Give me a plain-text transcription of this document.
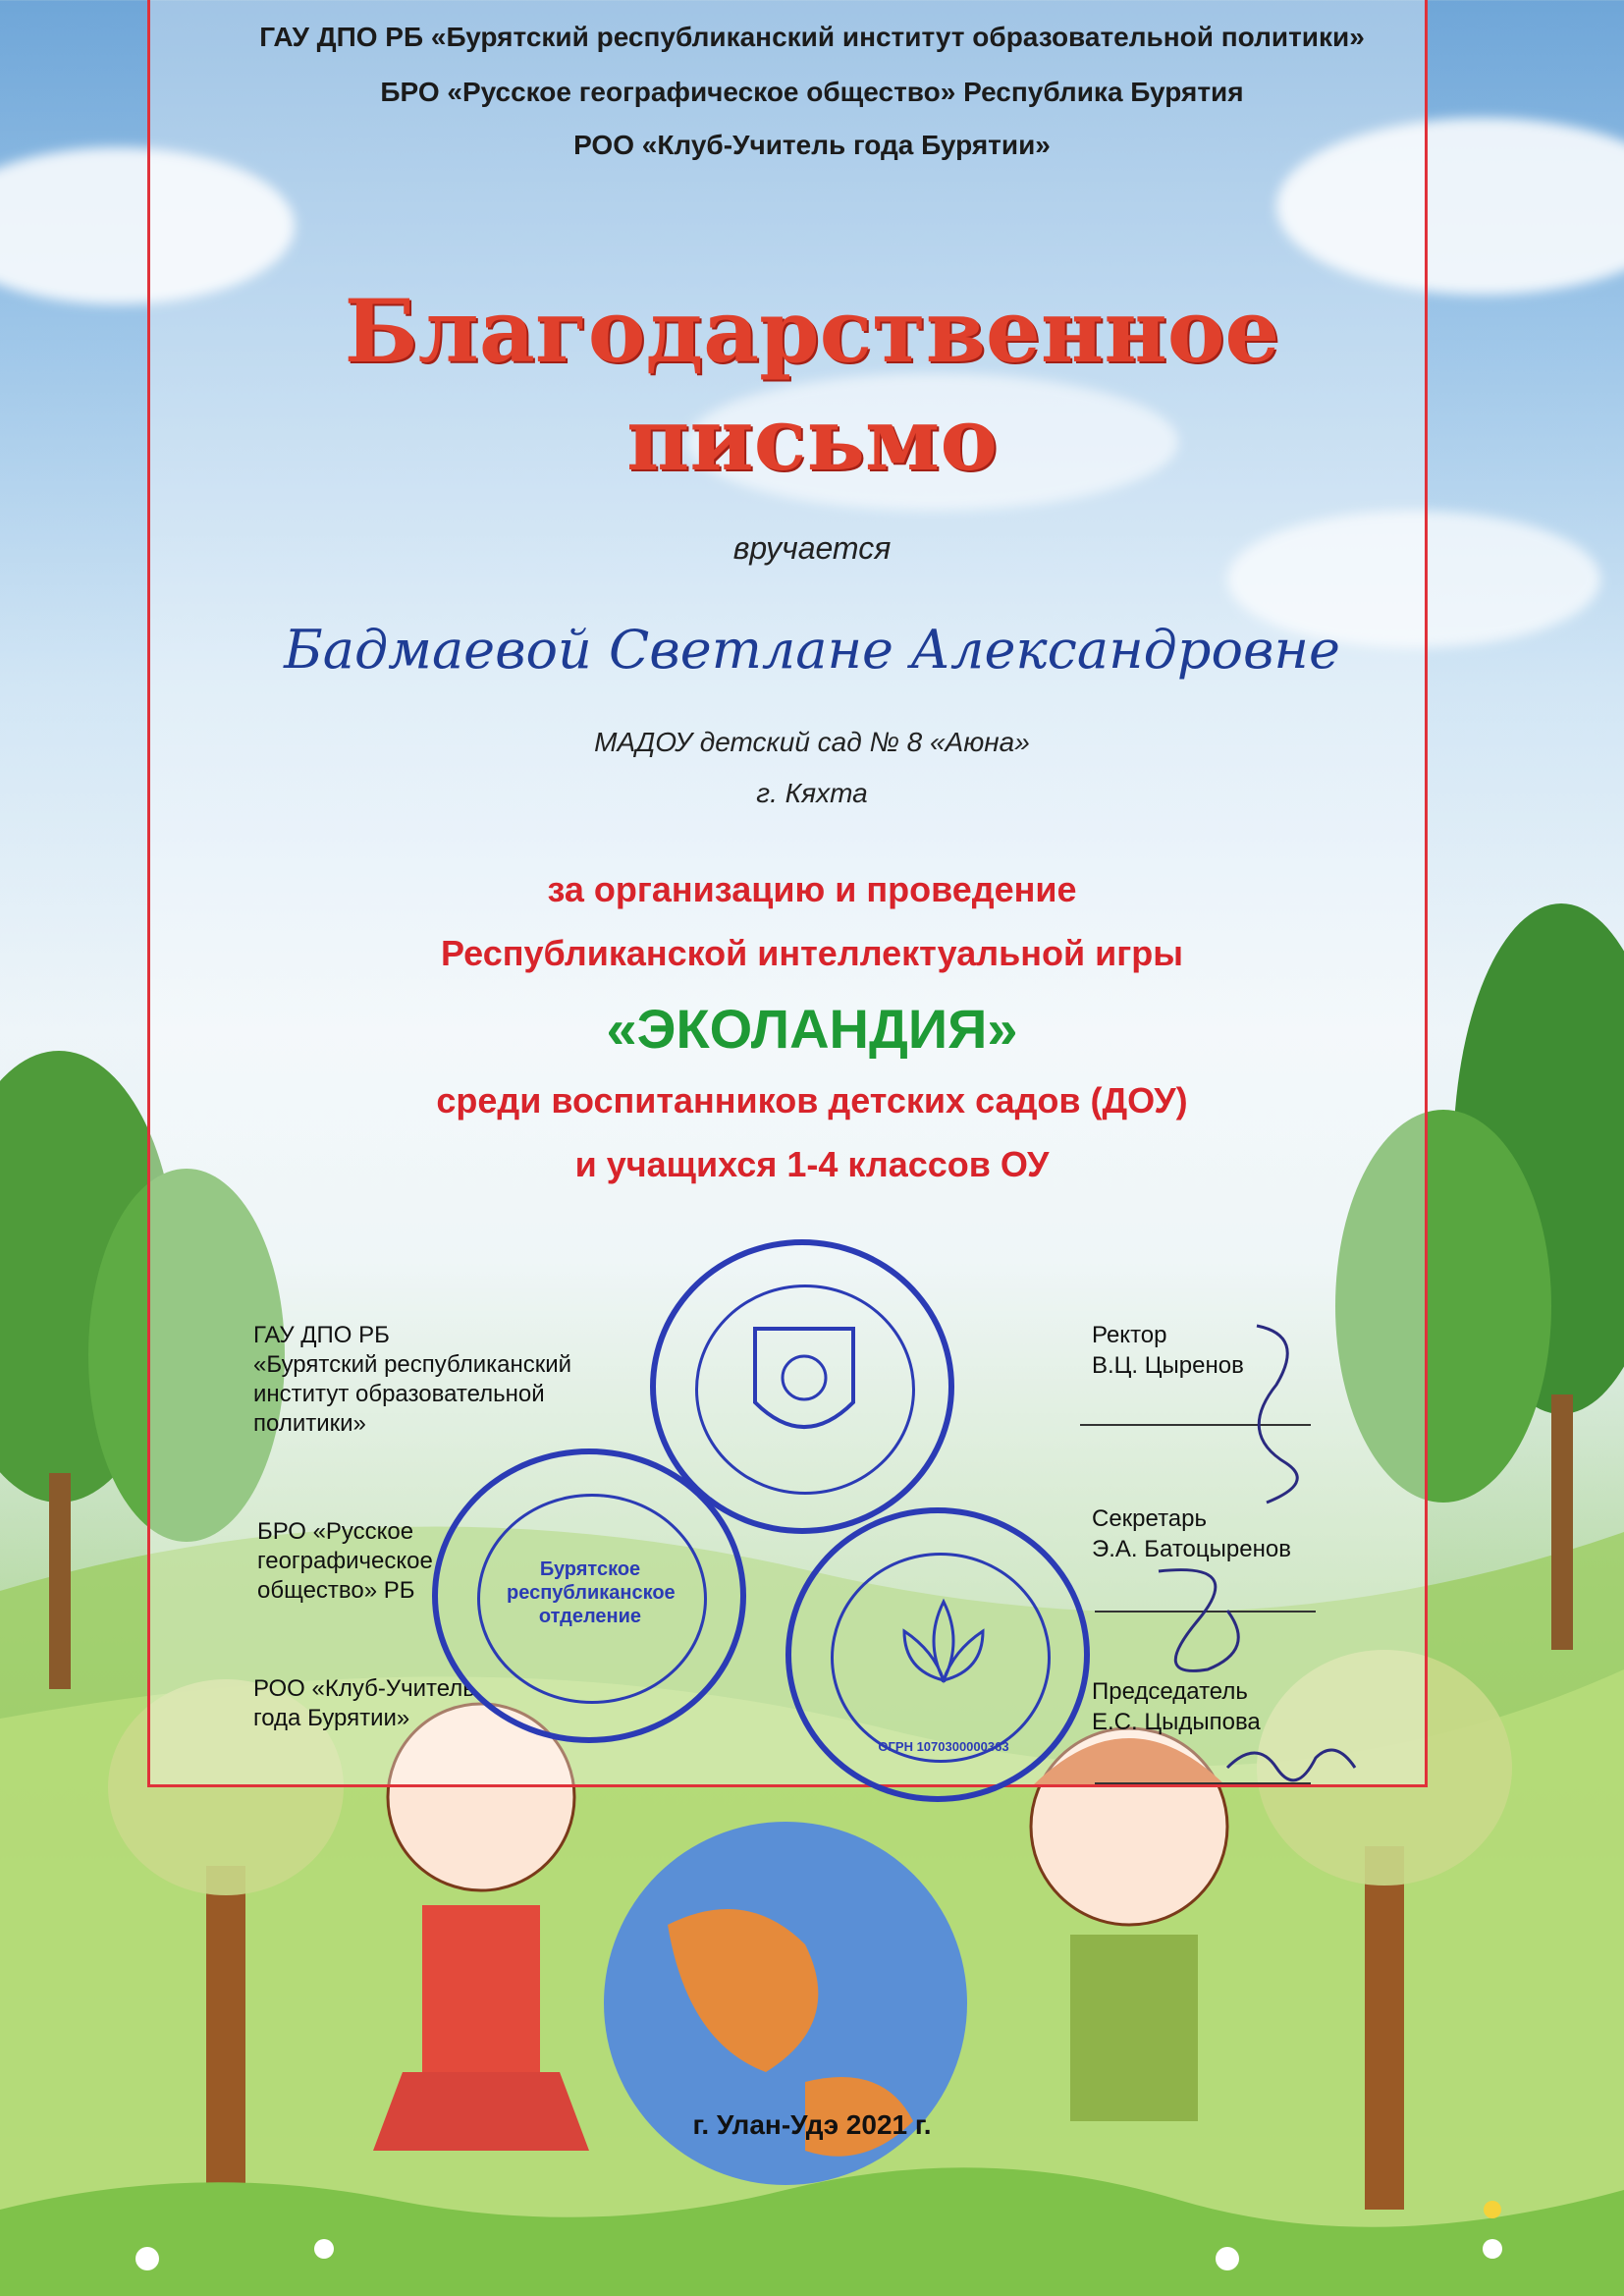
ГАУ ДПО РБ «Бурятский республиканский институт образовательной политики»
БРО «Русское географическое общество» Республика Бурятия
РОО «Клуб-Учитель года Бурятии»
Благодарственное
письмо
вручается
Бадмаевой Светлане Александровне
МАДОУ детский сад № 8 «Аюна»
г. Кяхта
за организацию и проведение
Республиканской интеллектуальной игры
«ЭКОЛАНДИЯ»
среди воспитанников детских садов (ДОУ)
и учащихся 1-4 классов ОУ
ГАУ ДПО РБ
«Бурятский республиканский
институт образовательной
политики»
БРО «Русское
географическое
общество» РБ
РОО «Клуб-Учитель
года Бурятии»
Ректор
В.Ц. Цыренов
Секретарь
Э.А. Батоцыренов
Председатель
Е.С. Цыдыпова
Бурятское республиканское отделение
ОГРН 1070300000363
г. Улан-Удэ 2021 г.
